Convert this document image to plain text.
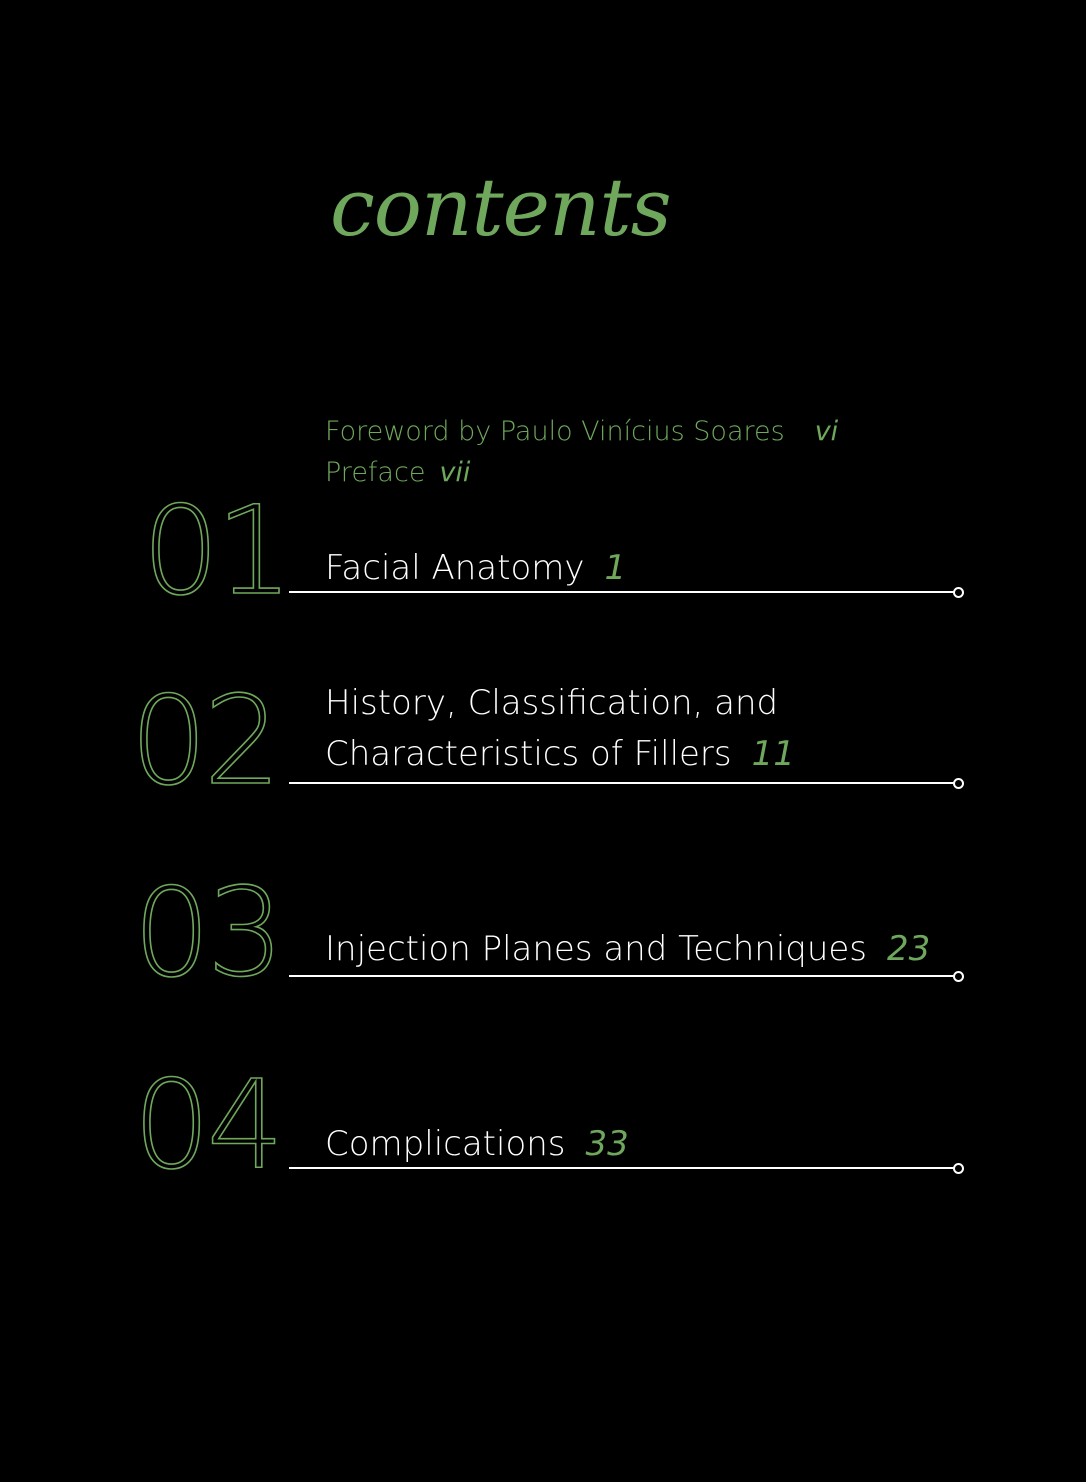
contents
Foreword by Paulo Vinícius Soares vi
Preface vii
01 Facial Anatomy 1
02 History, Classification, and
Characteristics of Fillers 11
03 Injection Planes and Techniques 23
04 Complications 33
